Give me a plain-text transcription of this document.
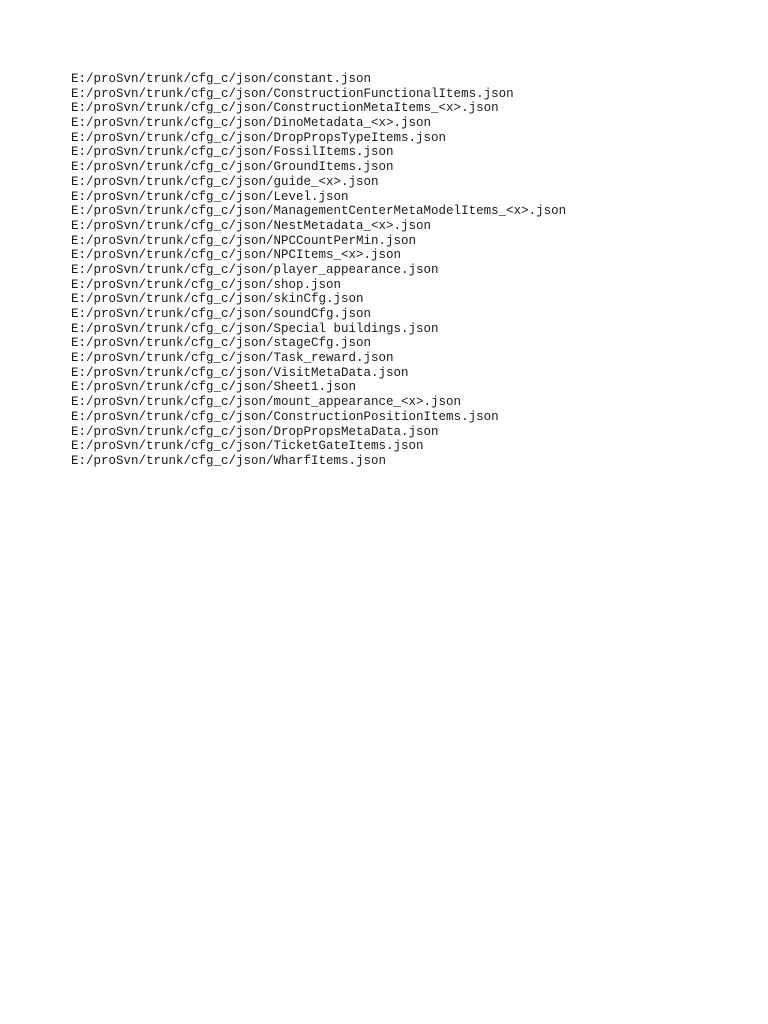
E:/proSvn/trunk/cfg_c/json/constant.json
E:/proSvn/trunk/cfg_c/json/ConstructionFunctionalItems.json
E:/proSvn/trunk/cfg_c/json/ConstructionMetaItems_<x>.json
E:/proSvn/trunk/cfg_c/json/DinoMetadata_<x>.json
E:/proSvn/trunk/cfg_c/json/DropPropsTypeItems.json
E:/proSvn/trunk/cfg_c/json/FossilItems.json
E:/proSvn/trunk/cfg_c/json/GroundItems.json
E:/proSvn/trunk/cfg_c/json/guide_<x>.json
E:/proSvn/trunk/cfg_c/json/Level.json
E:/proSvn/trunk/cfg_c/json/ManagementCenterMetaModelItems_<x>.json
E:/proSvn/trunk/cfg_c/json/NestMetadata_<x>.json
E:/proSvn/trunk/cfg_c/json/NPCCountPerMin.json
E:/proSvn/trunk/cfg_c/json/NPCItems_<x>.json
E:/proSvn/trunk/cfg_c/json/player_appearance.json
E:/proSvn/trunk/cfg_c/json/shop.json
E:/proSvn/trunk/cfg_c/json/skinCfg.json
E:/proSvn/trunk/cfg_c/json/soundCfg.json
E:/proSvn/trunk/cfg_c/json/Special buildings.json
E:/proSvn/trunk/cfg_c/json/stageCfg.json
E:/proSvn/trunk/cfg_c/json/Task_reward.json
E:/proSvn/trunk/cfg_c/json/VisitMetaData.json
E:/proSvn/trunk/cfg_c/json/Sheet1.json
E:/proSvn/trunk/cfg_c/json/mount_appearance_<x>.json
E:/proSvn/trunk/cfg_c/json/ConstructionPositionItems.json
E:/proSvn/trunk/cfg_c/json/DropPropsMetaData.json
E:/proSvn/trunk/cfg_c/json/TicketGateItems.json
E:/proSvn/trunk/cfg_c/json/WharfItems.json
